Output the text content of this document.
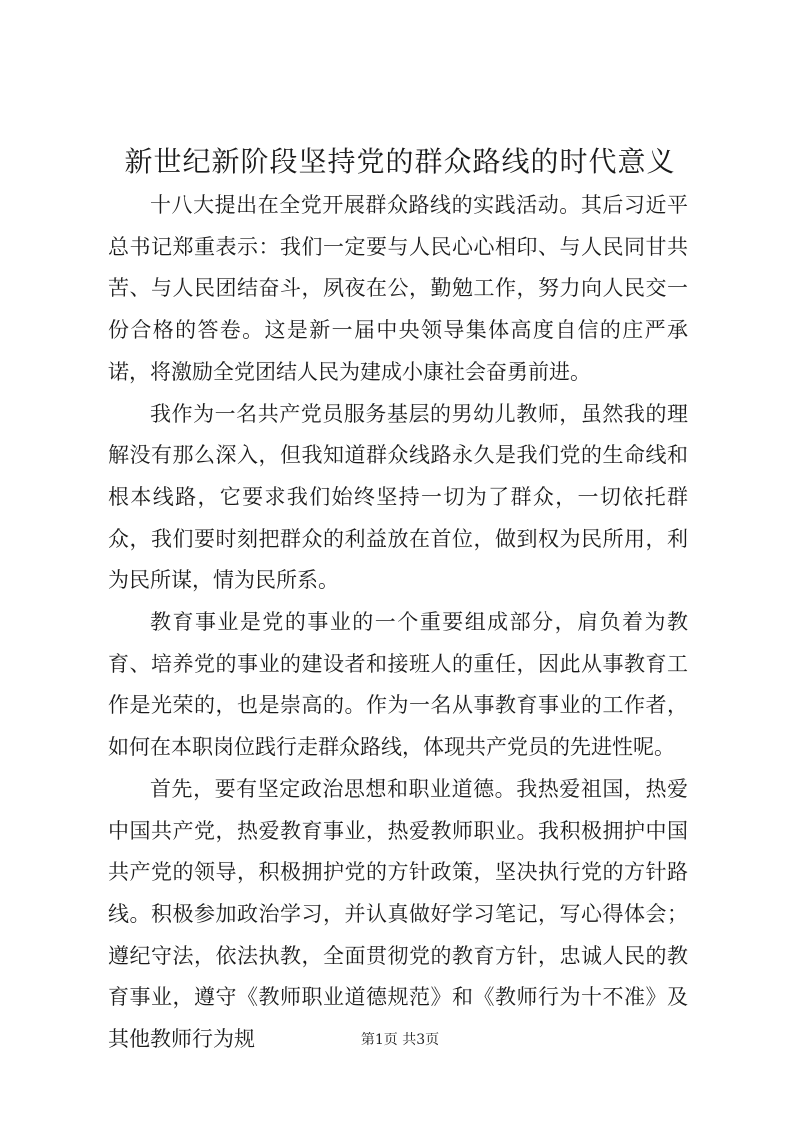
新世纪新阶段坚持党的群众路线的时代意义

十八大提出在全党开展群众路线的实践活动。其后习近平总书记郑重表示：我们一定要与人民心心相印、与人民同甘共苦、与人民团结奋斗，夙夜在公，勤勉工作，努力向人民交一份合格的答卷。这是新一届中央领导集体高度自信的庄严承诺，将激励全党团结人民为建成小康社会奋勇前进。

我作为一名共产党员服务基层的男幼儿教师，虽然我的理解没有那么深入，但我知道群众线路永久是我们党的生命线和根本线路，它要求我们始终坚持一切为了群众，一切依托群众，我们要时刻把群众的利益放在首位，做到权为民所用，利为民所谋，情为民所系。

教育事业是党的事业的一个重要组成部分，肩负着为教育、培养党的事业的建设者和接班人的重任，因此从事教育工作是光荣的，也是崇高的。作为一名从事教育事业的工作者，如何在本职岗位践行走群众路线，体现共产党员的先进性呢。

首先，要有坚定政治思想和职业道德。我热爱祖国，热爱中国共产党，热爱教育事业，热爱教师职业。我积极拥护中国共产党的领导，积极拥护党的方针政策，坚决执行党的方针路线。积极参加政治学习，并认真做好学习笔记，写心得体会；遵纪守法，依法执教，全面贯彻党的教育方针，忠诚人民的教育事业，遵守《教师职业道德规范》和《教师行为十不准》及其他教师行为规	第1页 共3页
